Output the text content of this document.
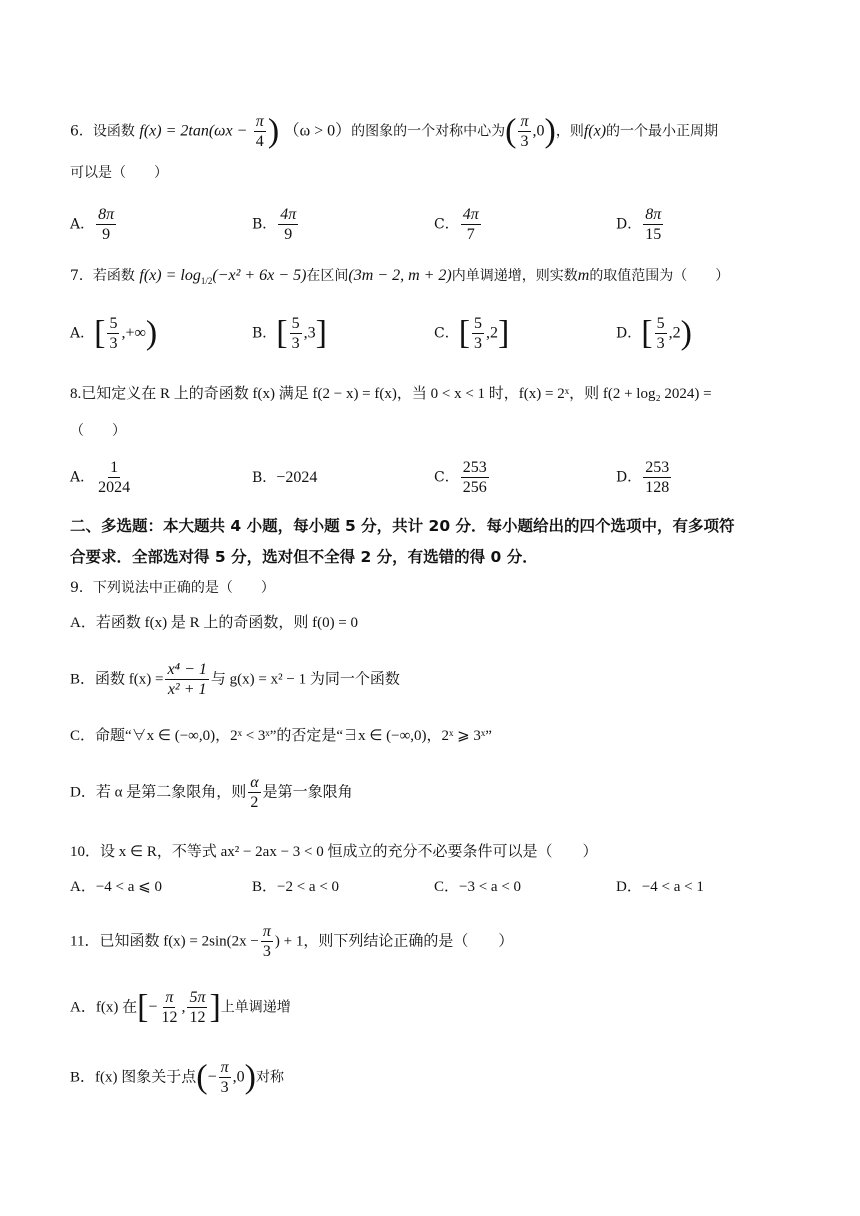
6．设函数 $f(x) = 2\tan(\omega x - \frac{\pi}{4}$ ) （ω > 0）的图象的一个对称中心为( $\frac{\pi}{3} ,0$)，则f(x)的一个最小正周期
可以是（　　）
A． $\frac{8\pi}{9}$	B． $\frac{4\pi}{9}$	C． $\frac{4\pi}{7}$	D． $\frac{8\pi}{15}$
7．若函数 $f(x) = \log_{1/2}(-x^2 + 6x - 5)$在区间(3m − 2, m + 2)内单调递增，则实数m的取值范围为（　　）
A．[ $\frac{5}{3}$ ,+∞)	B．[ $\frac{5}{3} ,3$]	C．[ $\frac{5}{3} ,2$]	D．[ $\frac{5}{3} ,2$)
8.已知定义在 R 上的奇函数 f(x) 满足 f(2 − x) = f(x)，当 0 < x < 1 时，f(x) = 2ˣ，则 f(2 + log₂ 2024) =
（　　）
A． $\frac{1}{2024}$	B．−2024	C． $\frac{253}{256}$	D． $\frac{253}{128}$
二、多选题：本大题共 4 小题，每小题 5 分，共计 20 分．每小题给出的四个选项中，有多项符
合要求．全部选对得 5 分，选对但不全得 2 分，有选错的得 0 分．
9．下列说法中正确的是（　　）
A．若函数 f(x) 是 R 上的奇函数，则 f(0) = 0
B．函数 $f(x) = \frac{\text{x⁴ − 1}}{\text{x² + 1}}$ 与 g(x) = x² − 1 为同一个函数
C．命题“∀x ∈ (−∞,0)，2ˣ < 3ˣ”的否定是“∃x ∈ (−∞,0)，2ˣ ⩾ 3ˣ”
D．若 α 是第二象限角，则 $\frac{\alpha}{2}$ 是第一象限角
10．设 x ∈ R，不等式 ax² − 2ax − 3 < 0 恒成立的充分不必要条件可以是（　　）
A．−4 < a ⩽ 0	B．−2 < a < 0	C．−3 < a < 0	D．−4 < a < 1
11．已知函数 $f(x) = 2\sin(2x - \frac{\pi}{3}$ ) + 1，则下列结论正确的是（　　）
A．f(x) 在[− $\frac{\pi}{12}$ , $\frac{5\pi}{12}$ ]上单调递增
B．f(x) 图象关于点(− $\frac{\pi}{3} ,0$)对称
